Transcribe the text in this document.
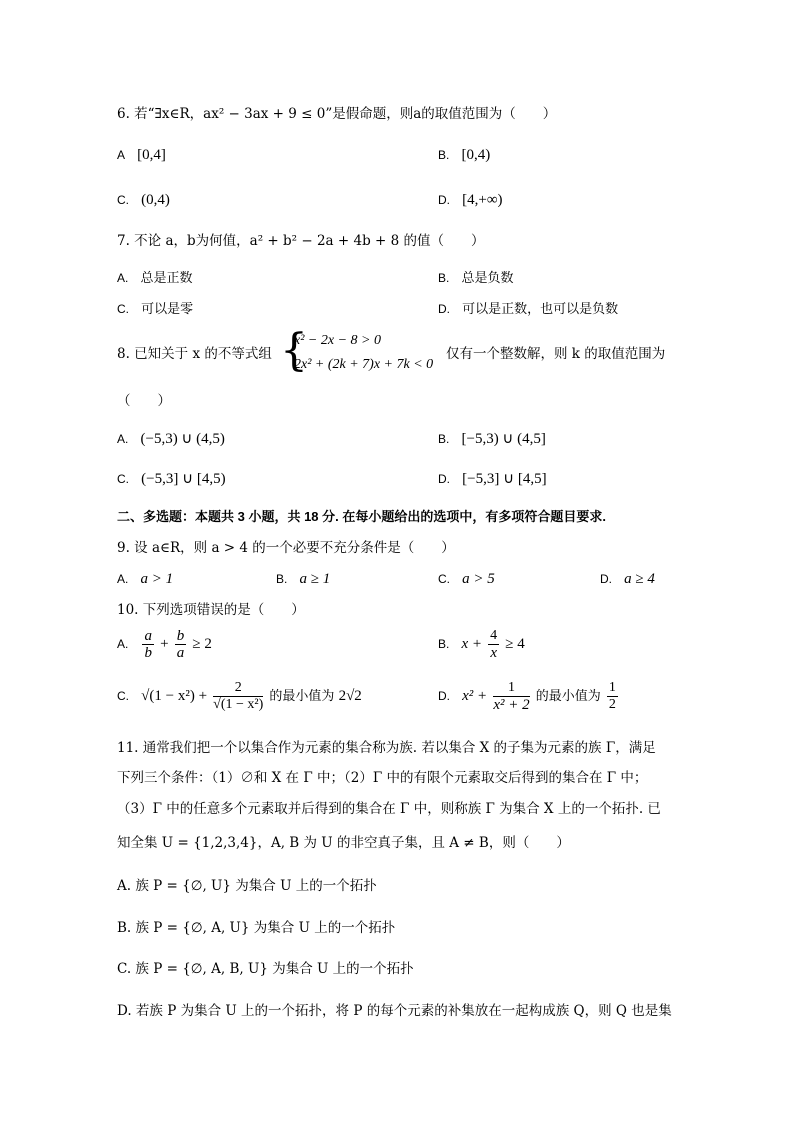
6. 若“∃x∈R，ax² − 3ax + 9 ≤ 0”是假命题，则a的取值范围为（　　）
A [0,4]	B. [0,4)
C. (0,4)	D. [4,+∞)
7. 不论 a，b为何值，a² + b² − 2a + 4b + 8 的值（　　）
A. 总是正数	B. 总是负数
C. 可以是零	D. 可以是正数，也可以是负数
8. 已知关于 x 的不等式组 {
x² − 2x − 8 > 0
2x² + (2k + 7)x + 7k < 0
仅有一个整数解，则 k 的取值范围为
（　　）
A. (−5,3) ∪ (4,5)	B. [−5,3) ∪ (4,5]
C. (−5,3] ∪ [4,5)	D. [−5,3] ∪ [4,5]
二、多选题：本题共 3 小题，共 18 分. 在每小题给出的选项中，有多项符合题目要求.
9. 设 a∈R，则 a > 4 的一个必要不充分条件是（　　）
A. a > 1	B. a ≥ 1	C. a > 5	D. a ≥ 4
10. 下列选项错误的是（　　）
A. $\frac{a}{b} + \frac{b}{a} \ge 2$	B. $x + \frac{4}{x} \ge 4$
C. $√(1 - x^2) + \frac{2}{\text{√(1 − x²)}}$ 的最小值为 2√2	D. $x^2 + \frac{1}{\text{x² + 2}}$ 的最小值为 $\frac{1}{2}$
11. 通常我们把一个以集合作为元素的集合称为族. 若以集合 X 的子集为元素的族 Γ，满足
下列三个条件：（1）∅和 X 在 Γ 中；（2）Γ 中的有限个元素取交后得到的集合在 Γ 中；
（3）Γ 中的任意多个元素取并后得到的集合在 Γ 中，则称族 Γ 为集合 X 上的一个拓扑. 已
知全集 U = {1,2,3,4}，A, B 为 U 的非空真子集，且 A ≠ B，则（　　）
A. 族 P = {∅, U} 为集合 U 上的一个拓扑
B. 族 P = {∅, A, U} 为集合 U 上的一个拓扑
C. 族 P = {∅, A, B, U} 为集合 U 上的一个拓扑
D. 若族 P 为集合 U 上的一个拓扑，将 P 的每个元素的补集放在一起构成族 Q，则 Q 也是集
